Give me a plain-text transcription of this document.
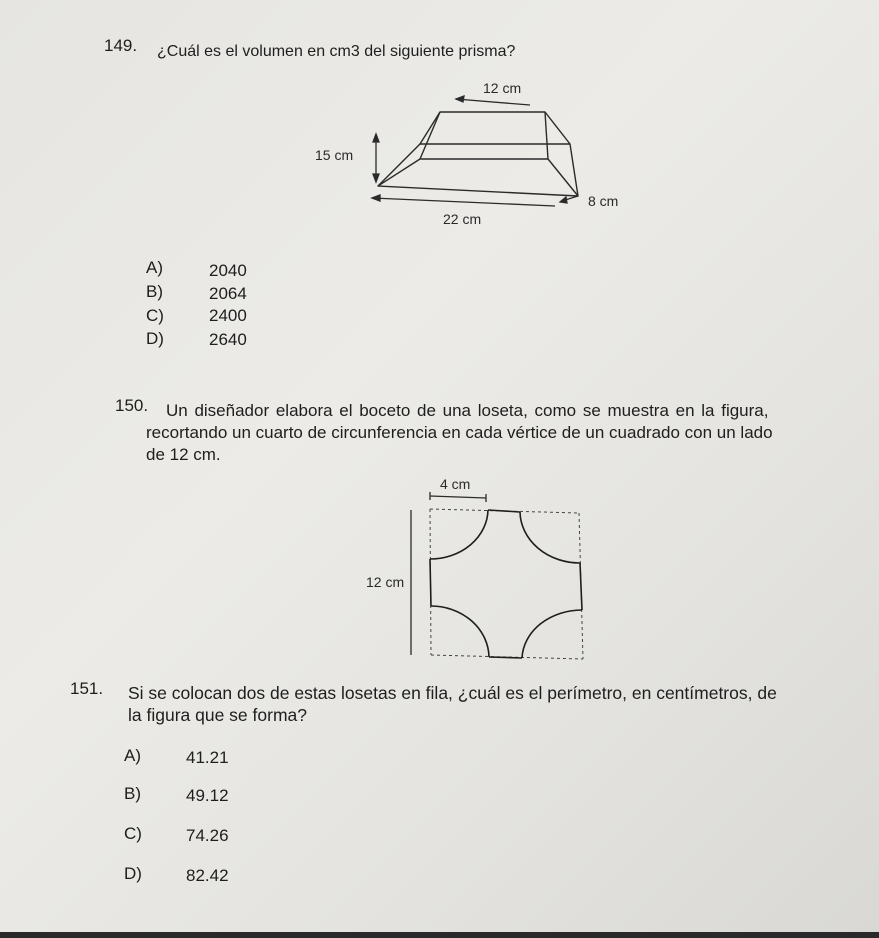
149. ¿Cuál es el volumen en cm3 del siguiente prisma?
12 cm
15 cm
8 cm
22 cm
A)	2040
B)	2064
C)	2400
D)	2640
150. Un diseñador elabora el boceto de una loseta, como se muestra en la figura,
recortando un cuarto de circunferencia en cada vértice de un cuadrado con un lado
de 12 cm.
4 cm
12 cm
151. Si se colocan dos de estas losetas en fila, ¿cuál es el perímetro, en centímetros, de
la figura que se forma?
A)	41.21
B)	49.12
C)	74.26
D)	82.42
